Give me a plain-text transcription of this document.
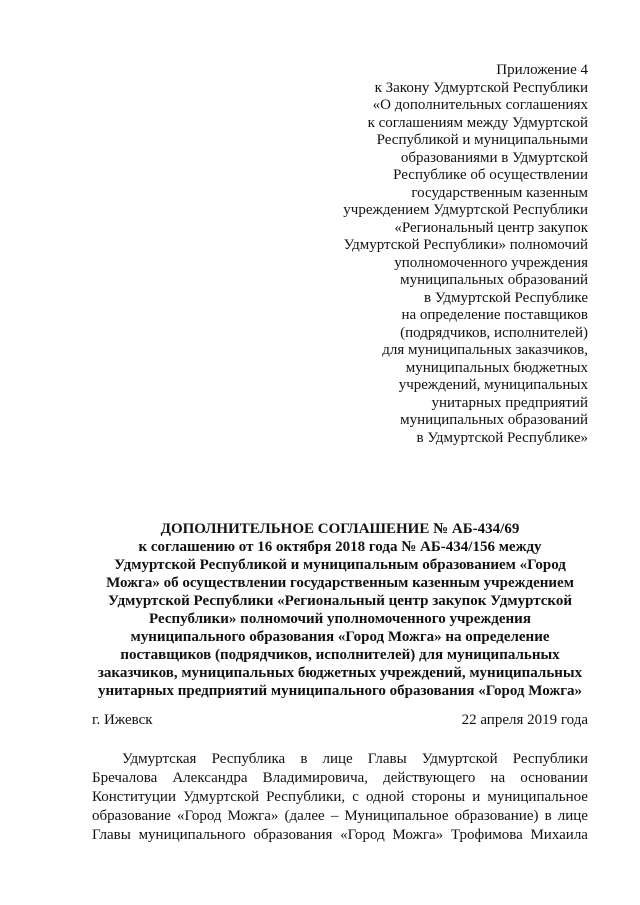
Приложение 4
к Закону Удмуртской Республики
«О дополнительных соглашениях
к соглашениям между Удмуртской
Республикой и муниципальными
образованиями в Удмуртской
Республике об осуществлении
государственным казенным
учреждением Удмуртской Республики
«Региональный центр закупок
Удмуртской Республики» полномочий
уполномоченного учреждения
муниципальных образований
в Удмуртской Республике
на определение поставщиков
(подрядчиков, исполнителей)
для муниципальных заказчиков,
муниципальных бюджетных
учреждений, муниципальных
унитарных предприятий
муниципальных образований
в Удмуртской Республике»
ДОПОЛНИТЕЛЬНОЕ СОГЛАШЕНИЕ № АБ-434/69
к соглашению от 16 октября 2018 года № АБ-434/156 между
Удмуртской Республикой и муниципальным образованием «Город
Можга» об осуществлении государственным казенным учреждением
Удмуртской Республики «Региональный центр закупок Удмуртской
Республики» полномочий уполномоченного учреждения
муниципального образования «Город Можга» на определение
поставщиков (подрядчиков, исполнителей) для муниципальных
заказчиков, муниципальных бюджетных учреждений, муниципальных
унитарных предприятий муниципального образования «Город Можга»
г. Ижевск	22 апреля 2019 года
Удмуртская Республика в лице Главы Удмуртской Республики
Бречалова Александра Владимировича, действующего на основании
Конституции Удмуртской Республики, с одной стороны и муниципальное
образование «Город Можга» (далее – Муниципальное образование) в лице
Главы муниципального образования «Город Можга» Трофимова Михаила
